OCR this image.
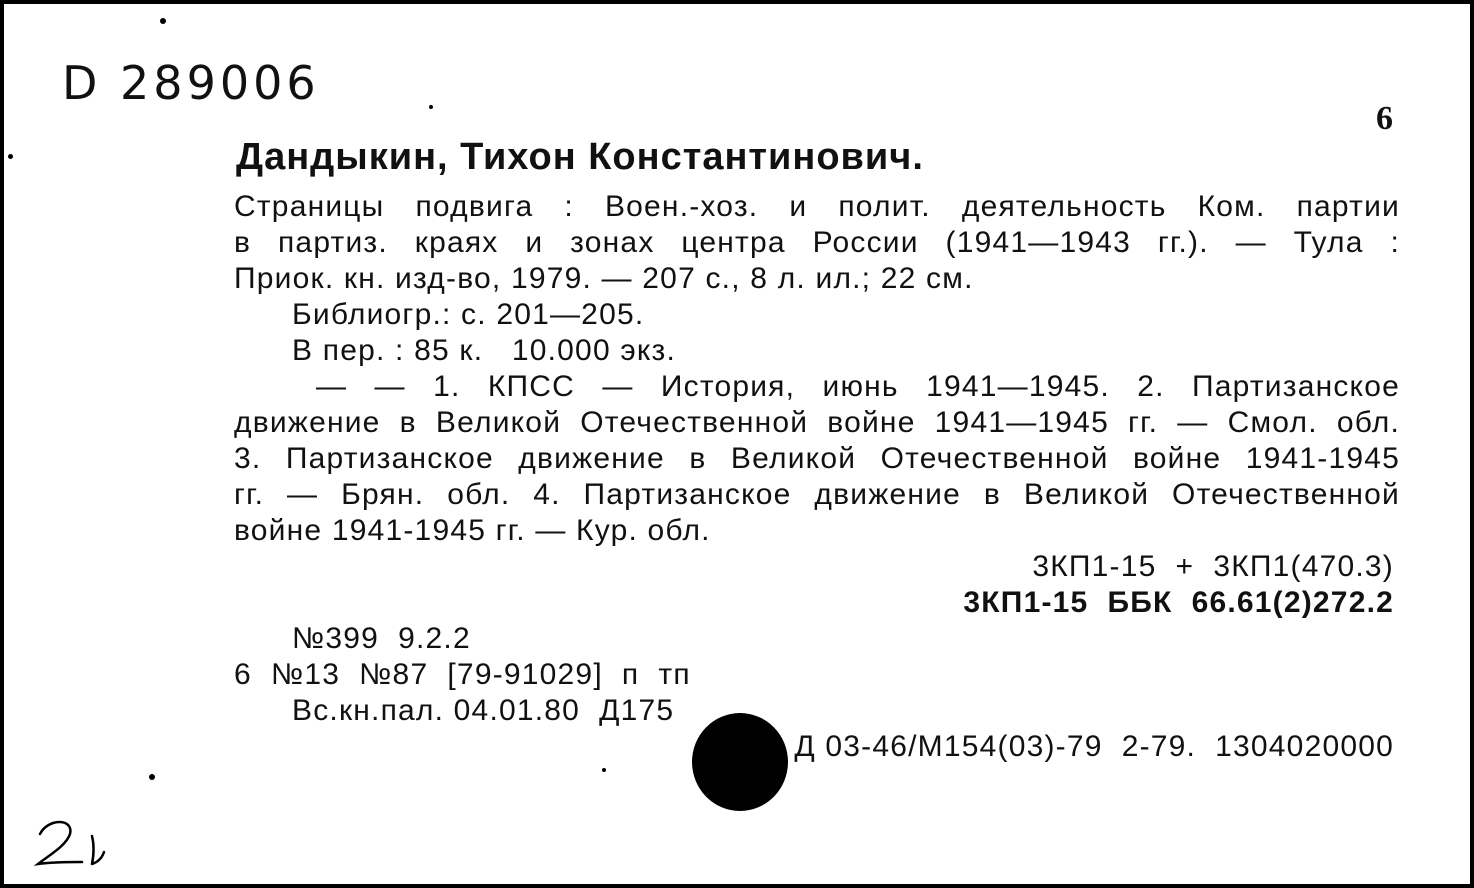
D 289006
6
Дандыкин, Тихон Константинович.
Страницы подвига : Воен.-хоз. и полит. деятельность Ком. партии
в партиз. краях и зонах центра России (1941—1943 гг.). — Тула :
Приок. кн. изд-во, 1979. — 207 с., 8 л. ил.; 22 см.
Библиогр.: с. 201—205.
В пер. : 85 к.   10.000 экз.
— — 1. КПСС — История, июнь 1941—1945. 2. Партизанское
движение в Великой Отечественной войне 1941—1945 гг. — Смол. обл.
3. Партизанское движение в Великой Отечественной войне 1941-1945
гг. — Брян. обл. 4. Партизанское движение в Великой Отечественной
войне 1941-1945 гг. — Кур. обл.
3КП1-15  +  3КП1(470.3)
3КП1-15  ББК  66.61(2)272.2
№399  9.2.2
6  №13  №87  [79-91029]  п  тп
Вс.кн.пал. 04.01.80  Д175
Д 03-46/М154(03)-79  2-79.  1304020000
